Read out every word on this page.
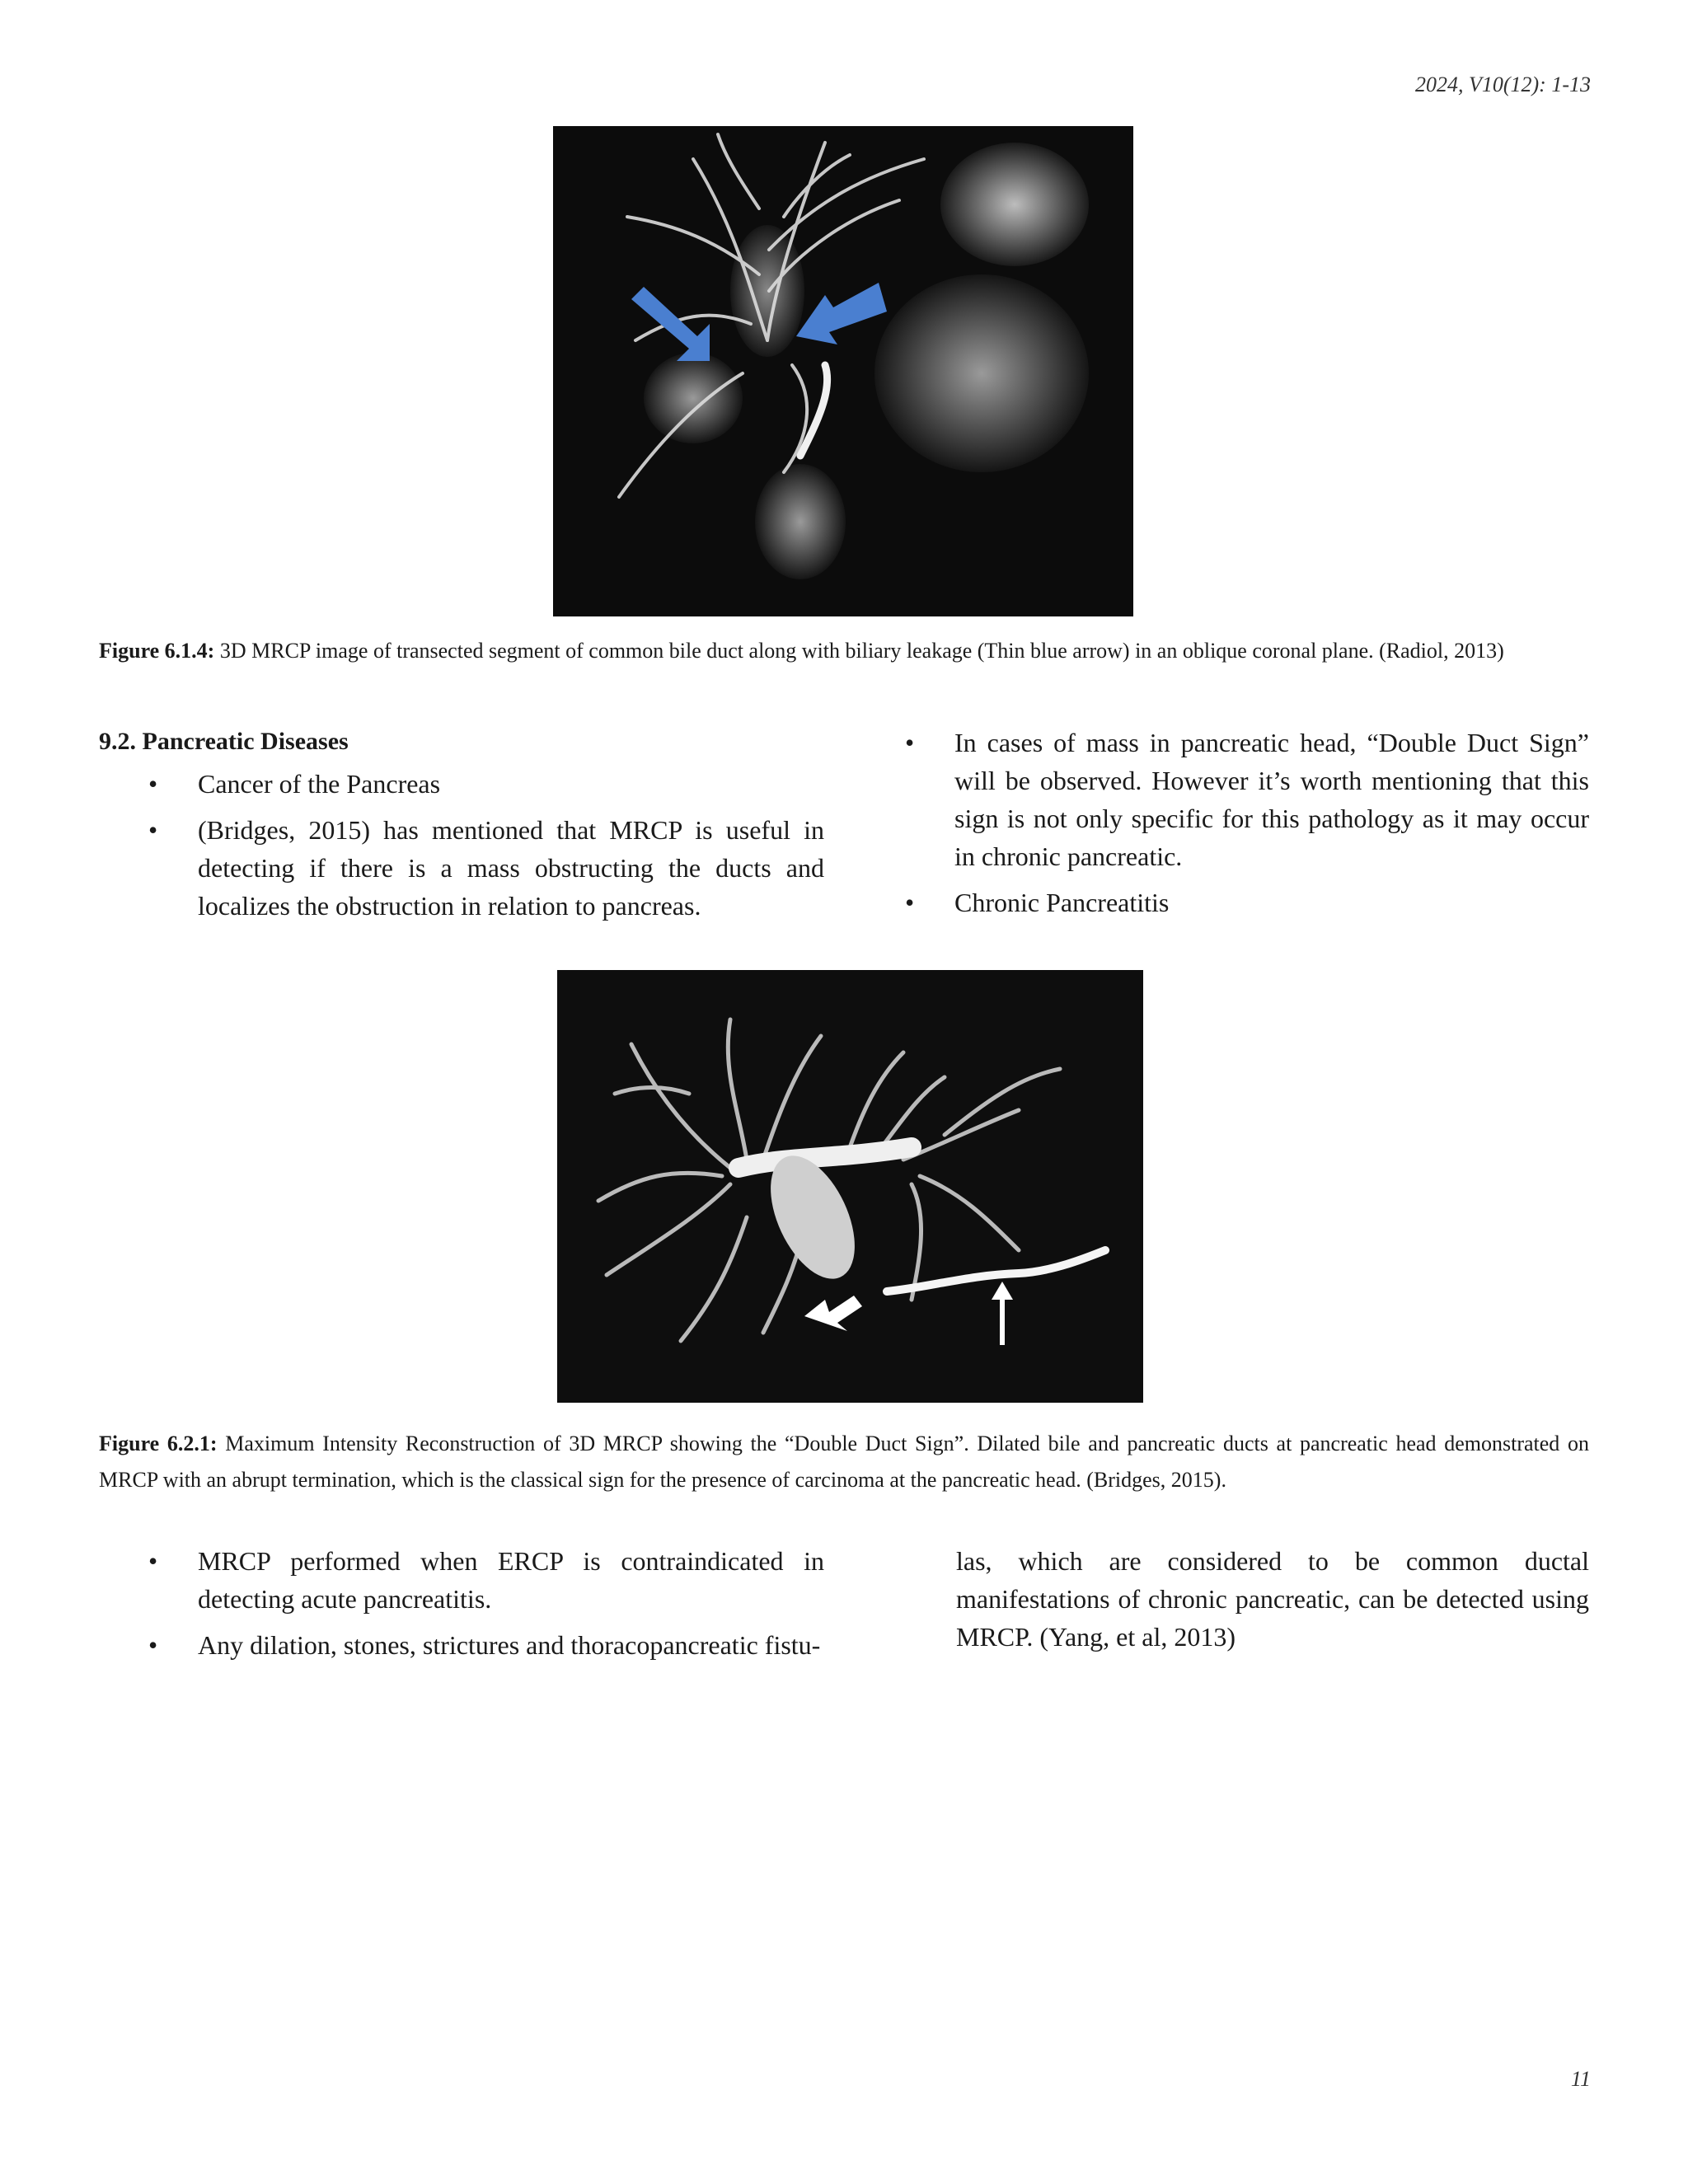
2024, V10(12): 1-13
Figure 6.1.4: 3D MRCP image of transected segment of common bile duct along with biliary leakage (Thin blue arrow) in an oblique coronal plane. (Radiol, 2013)
9.2. Pancreatic Diseases
• Cancer of the Pancreas
• (Bridges, 2015) has mentioned that MRCP is useful in detecting if there is a mass obstructing the ducts and localizes the obstruction in relation to pancreas.
• In cases of mass in pancreatic head, “Double Duct Sign” will be observed. However it’s worth mentioning that this sign is not only specific for this pathology as it may occur in chronic pancreatic.
• Chronic Pancreatitis
Figure 6.2.1: Maximum Intensity Reconstruction of 3D MRCP showing the “Double Duct Sign”. Dilated bile and pancreatic ducts at pancreatic head demonstrated on MRCP with an abrupt termination, which is the classical sign for the presence of carcinoma at the pancreatic head. (Bridges, 2015).
• MRCP performed when ERCP is contraindicated in detecting acute pancreatitis.
• Any dilation, stones, strictures and thoracopancreatic fistu-
las, which are considered to be common ductal manifestations of chronic pancreatic, can be detected using MRCP. (Yang, et al, 2013)
11
